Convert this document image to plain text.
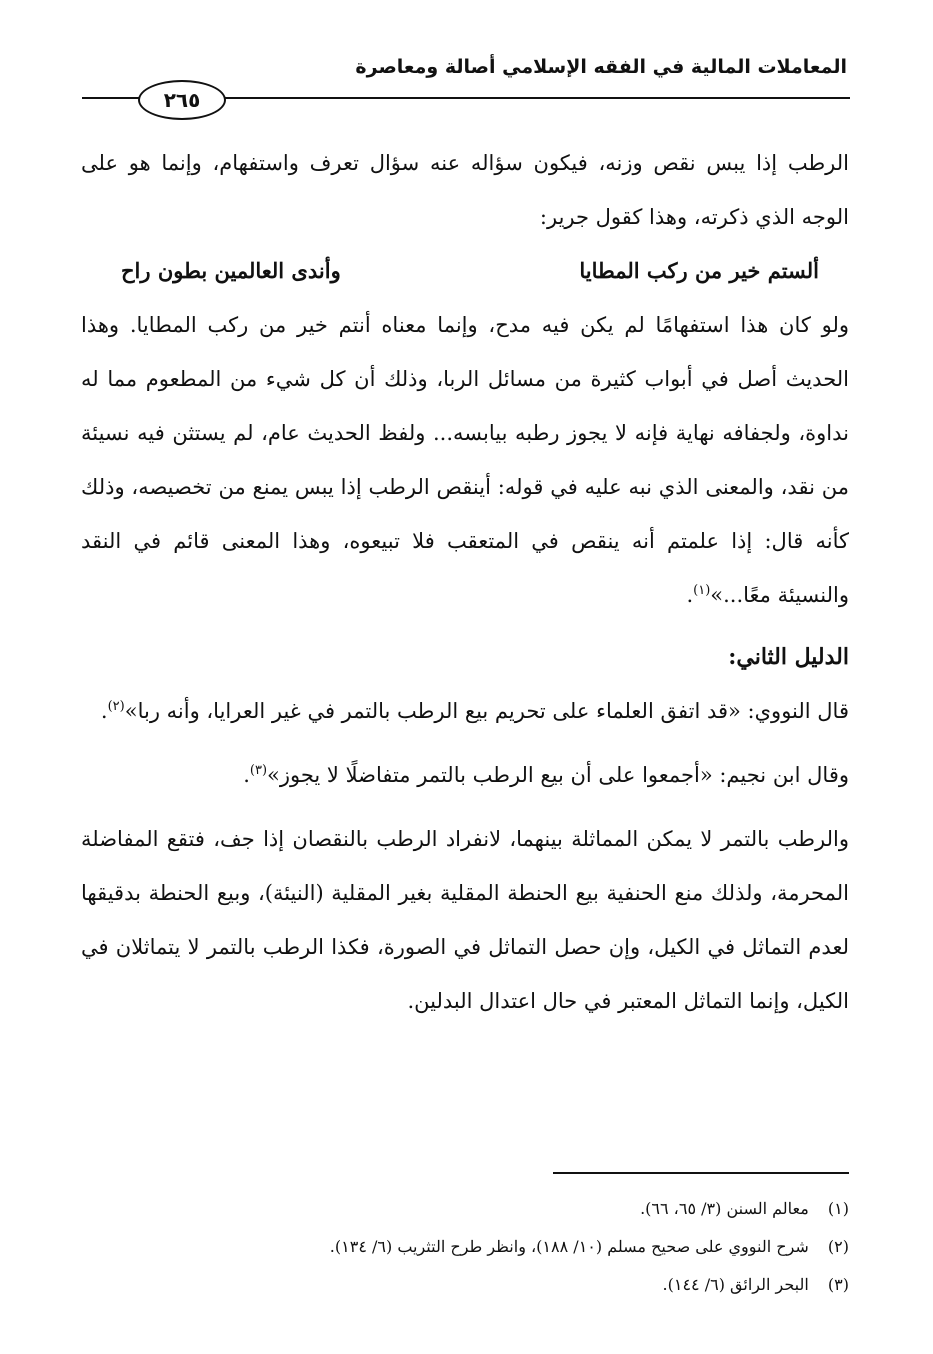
المعاملات المالية في الفقه الإسلامي أصالة ومعاصرة
٢٦٥

الرطب إذا يبس نقص وزنه، فيكون سؤاله عنه سؤال تعرف واستفهام، وإنما هو على الوجه الذي ذكرته، وهذا كقول جرير:

ألستم خير من ركب المطايا
وأندى العالمين بطون راح

ولو كان هذا استفهامًا لم يكن فيه مدح، وإنما معناه أنتم خير من ركب المطايا. وهذا الحديث أصل في أبواب كثيرة من مسائل الربا، وذلك أن كل شيء من المطعوم مما له نداوة، ولجفافه نهاية فإنه لا يجوز رطبه بيابسه... ولفظ الحديث عام، لم يستثن فيه نسيئة من نقد، والمعنى الذي نبه عليه في قوله: أينقص الرطب إذا يبس يمنع من تخصيصه، وذلك كأنه قال: إذا علمتم أنه ينقص في المتعقب فلا تبيعوه، وهذا المعنى قائم في النقد والنسيئة معًا...»$^{(١)}$.

الدليل الثاني:

قال النووي: «قد اتفق العلماء على تحريم بيع الرطب بالتمر في غير العرايا، وأنه ربا»$^{(٢)}$.

وقال ابن نجيم: «أجمعوا على أن بيع الرطب بالتمر متفاضلًا لا يجوز»$^{(٣)}$.

والرطب بالتمر لا يمكن المماثلة بينهما، لانفراد الرطب بالنقصان إذا جف، فتقع المفاضلة المحرمة، ولذلك منع الحنفية بيع الحنطة المقلية بغير المقلية (النيئة)، وبيع الحنطة بدقيقها لعدم التماثل في الكيل، وإن حصل التماثل في الصورة، فكذا الرطب بالتمر لا يتماثلان في الكيل، وإنما التماثل المعتبر في حال اعتدال البدلين.

(١) معالم السنن (٣/ ٦٥، ٦٦).
(٢) شرح النووي على صحيح مسلم (١٠/ ١٨٨)، وانظر طرح التثريب (٦/ ١٣٤).
(٣) البحر الرائق (٦/ ١٤٤).
